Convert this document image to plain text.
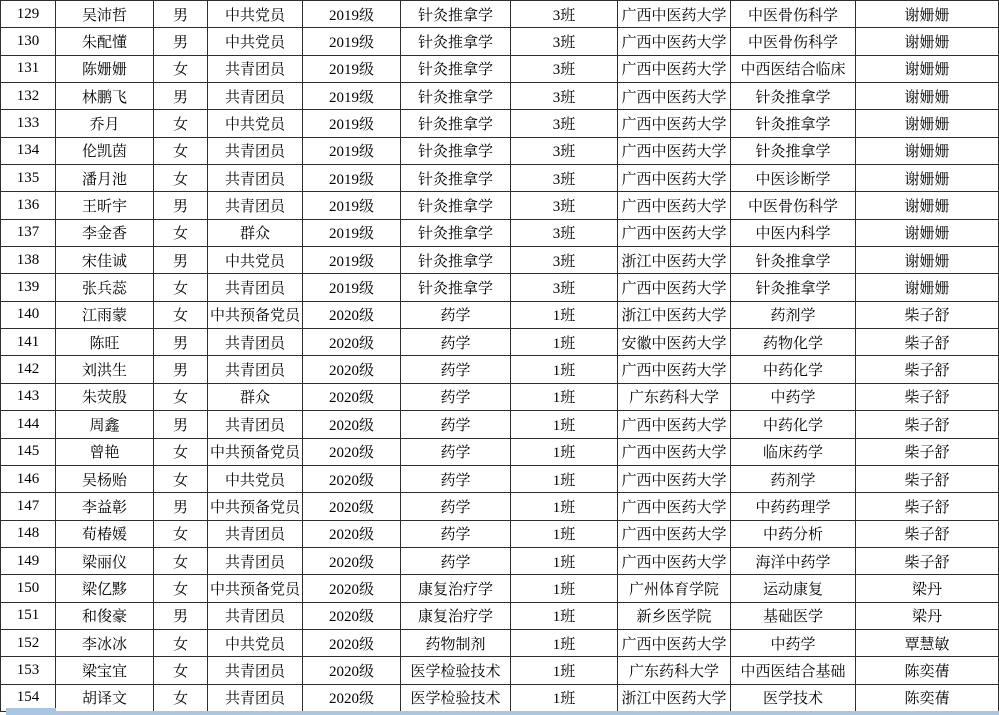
129	吴沛哲	男	中共党员	2019级	针灸推拿学	3班	广西中医药大学	中医骨伤科学	谢姗姗
130	朱配懂	男	中共党员	2019级	针灸推拿学	3班	广西中医药大学	中医骨伤科学	谢姗姗
131	陈姗姗	女	共青团员	2019级	针灸推拿学	3班	广西中医药大学	中西医结合临床	谢姗姗
132	林鹏飞	男	共青团员	2019级	针灸推拿学	3班	广西中医药大学	针灸推拿学	谢姗姗
133	乔月	女	中共党员	2019级	针灸推拿学	3班	广西中医药大学	针灸推拿学	谢姗姗
134	伦凯茵	女	共青团员	2019级	针灸推拿学	3班	广西中医药大学	针灸推拿学	谢姗姗
135	潘月池	女	共青团员	2019级	针灸推拿学	3班	广西中医药大学	中医诊断学	谢姗姗
136	王昕宇	男	共青团员	2019级	针灸推拿学	3班	广西中医药大学	中医骨伤科学	谢姗姗
137	李金香	女	群众	2019级	针灸推拿学	3班	广西中医药大学	中医内科学	谢姗姗
138	宋佳诚	男	中共党员	2019级	针灸推拿学	3班	浙江中医药大学	针灸推拿学	谢姗姗
139	张兵蕊	女	共青团员	2019级	针灸推拿学	3班	广西中医药大学	针灸推拿学	谢姗姗
140	江雨蒙	女	中共预备党员	2020级	药学	1班	浙江中医药大学	药剂学	柴子舒
141	陈旺	男	共青团员	2020级	药学	1班	安徽中医药大学	药物化学	柴子舒
142	刘洪生	男	共青团员	2020级	药学	1班	广西中医药大学	中药化学	柴子舒
143	朱荧殷	女	群众	2020级	药学	1班	广东药科大学	中药学	柴子舒
144	周鑫	男	共青团员	2020级	药学	1班	广西中医药大学	中药化学	柴子舒
145	曾艳	女	中共预备党员	2020级	药学	1班	广西中医药大学	临床药学	柴子舒
146	吴杨贻	女	中共党员	2020级	药学	1班	广西中医药大学	药剂学	柴子舒
147	李益彰	男	中共预备党员	2020级	药学	1班	广西中医药大学	中药药理学	柴子舒
148	荀椿媛	女	共青团员	2020级	药学	1班	广西中医药大学	中药分析	柴子舒
149	梁丽仪	女	共青团员	2020级	药学	1班	广西中医药大学	海洋中药学	柴子舒
150	梁亿黟	女	中共预备党员	2020级	康复治疗学	1班	广州体育学院	运动康复	梁丹
151	和俊豪	男	共青团员	2020级	康复治疗学	1班	新乡医学院	基础医学	梁丹
152	李冰冰	女	中共党员	2020级	药物制剂	1班	广西中医药大学	中药学	覃慧敏
153	梁宝宜	女	共青团员	2020级	医学检验技术	1班	广东药科大学	中西医结合基础	陈奕蒨
154	胡译文	女	共青团员	2020级	医学检验技术	1班	浙江中医药大学	医学技术	陈奕蒨
